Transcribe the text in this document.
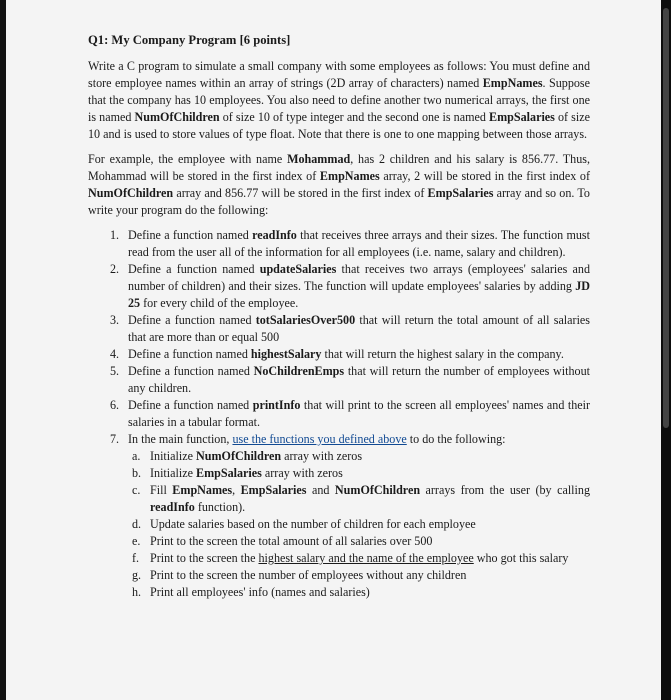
Q1: My Company Program [6 points]
Write a C program to simulate a small company with some employees as follows: You must define and store employee names within an array of strings (2D array of characters) named EmpNames. Suppose that the company has 10 employees. You also need to define another two numerical arrays, the first one is named NumOfChildren of size 10 of type integer and the second one is named EmpSalaries of size 10 and is used to store values of type float. Note that there is one to one mapping between those arrays.
For example, the employee with name Mohammad, has 2 children and his salary is 856.77. Thus, Mohammad will be stored in the first index of EmpNames array, 2 will be stored in the first index of NumOfChildren array and 856.77 will be stored in the first index of EmpSalaries array and so on. To write your program do the following:
1. Define a function named readInfo that receives three arrays and their sizes. The function must read from the user all of the information for all employees (i.e. name, salary and children).
2. Define a function named updateSalaries that receives two arrays (employees' salaries and number of children) and their sizes. The function will update employees' salaries by adding JD 25 for every child of the employee.
3. Define a function named totSalariesOver500 that will return the total amount of all salaries that are more than or equal 500
4. Define a function named highestSalary that will return the highest salary in the company.
5. Define a function named NoChildrenEmps that will return the number of employees without any children.
6. Define a function named printInfo that will print to the screen all employees' names and their salaries in a tabular format.
7. In the main function, use the functions you defined above to do the following:
a. Initialize NumOfChildren array with zeros
b. Initialize EmpSalaries array with zeros
c. Fill EmpNames, EmpSalaries and NumOfChildren arrays from the user (by calling readInfo function).
d. Update salaries based on the number of children for each employee
e. Print to the screen the total amount of all salaries over 500
f. Print to the screen the highest salary and the name of the employee who got this salary
g. Print to the screen the number of employees without any children
h. Print all employees' info (names and salaries)
